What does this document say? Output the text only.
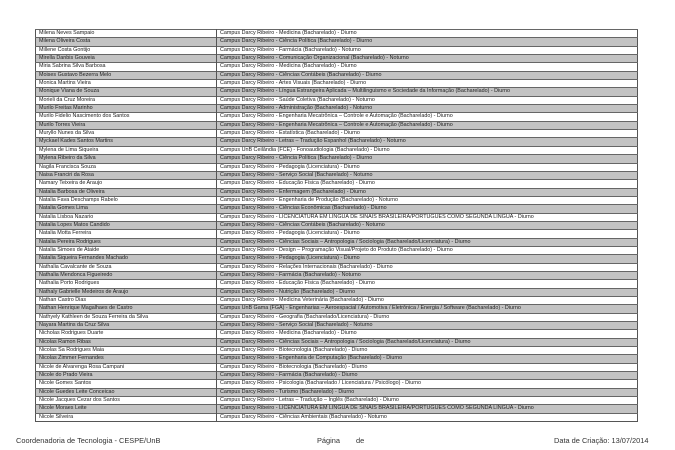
Milena Neves Sampaio	Campus Darcy Ribeiro - Medicina (Bacharelado) - Diurno
Milena Oliveira Costa	Campus Darcy Ribeiro - Ciência Política (Bacharelado) - Diurno
Millene Costa Gontijo	Campus Darcy Ribeiro - Farmácia (Bacharelado) - Noturno
Mirella Danbis Gouveia	Campus Darcy Ribeiro - Comunicação Organizacional (Bacharelado) - Noturno
Miria Sabrina Silva Barbosa	Campus Darcy Ribeiro - Medicina (Bacharelado) - Diurno
Moises Gustavo Bezerra Melo	Campus Darcy Ribeiro - Ciências Contábeis (Bacharelado) - Diurno
Monica Martins Vieira	Campus Darcy Ribeiro - Artes Visuais (Bacharelado) - Diurno
Monique Viana de Souza	Campus Darcy Ribeiro - Língua Estrangeira Aplicada – Multilinguismo e Sociedade da Informação (Bacharelado) - Diurno
Morieli da Cruz Moreira	Campus Darcy Ribeiro - Saúde Coletiva (Bacharelado) - Noturno
Murilo Freitas Marinho	Campus Darcy Ribeiro - Administração (Bacharelado) - Noturno
Murilo Fidelio Nascimento dos Santos	Campus Darcy Ribeiro - Engenharia Mecatrônica – Controle e Automação (Bacharelado) - Diurno
Murilo Torres Vieira	Campus Darcy Ribeiro - Engenharia Mecatrônica – Controle e Automação (Bacharelado) - Diurno
Muryllo Nunes da Silva	Campus Darcy Ribeiro - Estatística (Bacharelado) - Diurno
Myckael Kades Santos Martins	Campus Darcy Ribeiro - Letras – Tradução Espanhol (Bacharelado) - Noturno
Mylena de Lima Siqueira	Campus UnB Ceilândia (FCE) - Fonoaudiologia (Bacharelado) - Diurno
Mylena Ribeiro da Silva	Campus Darcy Ribeiro - Ciência Política (Bacharelado) - Diurno
Nagila Francisca Souza	Campus Darcy Ribeiro - Pedagogia (Licenciatura) - Diurno
Naisa Franciri da Rosa	Campus Darcy Ribeiro - Serviço Social (Bacharelado) - Noturno
Namary Teixeira de Araujo	Campus Darcy Ribeiro - Educação Física (Bacharelado) - Diurno
Natalia Barbosa de Oliveira	Campus Darcy Ribeiro - Enfermagem (Bacharelado) - Diurno
Natalia Fava Deschamps Rabelo	Campus Darcy Ribeiro - Engenharia de Produção (Bacharelado) - Noturno
Natalia Gomes Lima	Campus Darcy Ribeiro - Ciências Econômicas (Bacharelado) - Diurno
Natalia Lisboa Nazario	Campus Darcy Ribeiro - LICENCIATURA EM LÍNGUA DE SINAIS BRASILEIRA/PORTUGUÊS COMO SEGUNDA LÍNGUA - Diurno
Natalia Lopes Matos Candido	Campus Darcy Ribeiro - Ciências Contábeis (Bacharelado) - Noturno
Natalia Motta Ferreira	Campus Darcy Ribeiro - Pedagogia (Licenciatura) - Diurno
Natalia Pereira Rodrigues	Campus Darcy Ribeiro - Ciências Sociais – Antropologia / Sociologia (Bacharelado/Licenciatura) - Diurno
Natalia Simoes de Ataide	Campus Darcy Ribeiro - Design – Programação Visual/Projeto do Produto (Bacharelado) - Diurno
Natalia Siqueira Fernandes Machado	Campus Darcy Ribeiro - Pedagogia (Licenciatura) - Diurno
Nathalia Cavalcante de Souza	Campus Darcy Ribeiro - Relações Internacionais (Bacharelado) - Diurno
Nathalia Mendonca Figueiredo	Campus Darcy Ribeiro - Farmácia (Bacharelado) - Noturno
Nathalia Porto Rodrigues	Campus Darcy Ribeiro - Educação Física (Bacharelado) - Diurno
Nathaly Gabrielle Medeiros de Araujo	Campus Darcy Ribeiro - Nutrição (Bacharelado) - Diurno
Nathan Castro Dias	Campus Darcy Ribeiro - Medicina Veterinária (Bacharelado) - Diurno
Nathan Henrique Magalhaes de Castro	Campus UnB Gama (FGA) - Engenharias – Aeroespacial / Automotiva / Eletrônica / Energia / Software (Bacharelado) - Diurno
Nathyely Kathleen de Souza Ferreira da Silva	Campus Darcy Ribeiro - Geografia (Bacharelado/Licenciatura) - Diurno
Nayara Martins da Cruz Silva	Campus Darcy Ribeiro - Serviço Social (Bacharelado) - Noturno
Nicholas Rodrigues Duarte	Campus Darcy Ribeiro - Medicina (Bacharelado) - Diurno
Nicolas Ramon Ribas	Campus Darcy Ribeiro - Ciências Sociais – Antropologia / Sociologia (Bacharelado/Licenciatura) - Diurno
Nicolas Sa Rodrigues Maia	Campus Darcy Ribeiro - Biotecnologia (Bacharelado) - Diurno
Nicolas Zimmer Fernandes	Campus Darcy Ribeiro - Engenharia de Computação (Bacharelado) - Diurno
Nicole de Alvarenga Rosa Campani	Campus Darcy Ribeiro - Biotecnologia (Bacharelado) - Diurno
Nicole do Prado Vieira	Campus Darcy Ribeiro - Farmácia (Bacharelado) - Diurno
Nicole Gomes Santos	Campus Darcy Ribeiro - Psicologia (Bacharelado / Licenciatura / Psicólogo) - Diurno
Nicole Guedes Leite Conceicao	Campus Darcy Ribeiro - Turismo (Bacharelado) - Diurno
Nicole Jacques Cezar dos Santos	Campus Darcy Ribeiro - Letras – Tradução – Inglês (Bacharelado) - Diurno
Nicole Moraes Leite	Campus Darcy Ribeiro - LICENCIATURA EM LÍNGUA DE SINAIS BRASILEIRA/PORTUGUÊS COMO SEGUNDA LÍNGUA - Diurno
Nicole Silveira	Campus Darcy Ribeiro - Ciências Ambientais (Bacharelado) - Noturno
Coordenadoria de Tecnologia - CESPE/UnB	Página de	Data de Criação: 13/07/2014
